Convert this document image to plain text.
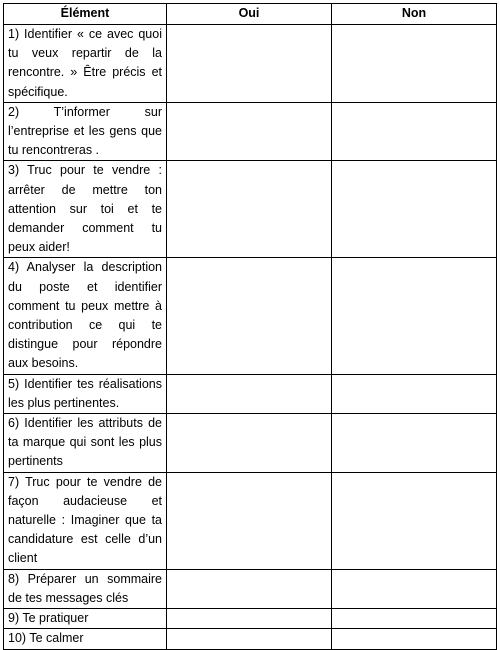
Élément	Oui	Non
1) Identifier « ce avec quoi tu veux repartir de la rencontre. » Être précis et spécifique.		
2) T’informer sur l’entreprise et les gens que tu rencontreras .		
3) Truc pour te vendre : arrêter de mettre ton attention sur toi et te demander comment tu peux aider!		
4) Analyser la description du poste et identifier comment tu peux mettre à contribution ce qui te distingue pour répondre aux besoins.		
5) Identifier tes réalisations les plus pertinentes.		
6) Identifier les attributs de ta marque qui sont les plus pertinents		
7) Truc pour te vendre de façon audacieuse et naturelle : Imaginer que ta candidature est celle d’un client		
8) Préparer un sommaire de tes messages clés		
9) Te pratiquer		
10) Te calmer		
